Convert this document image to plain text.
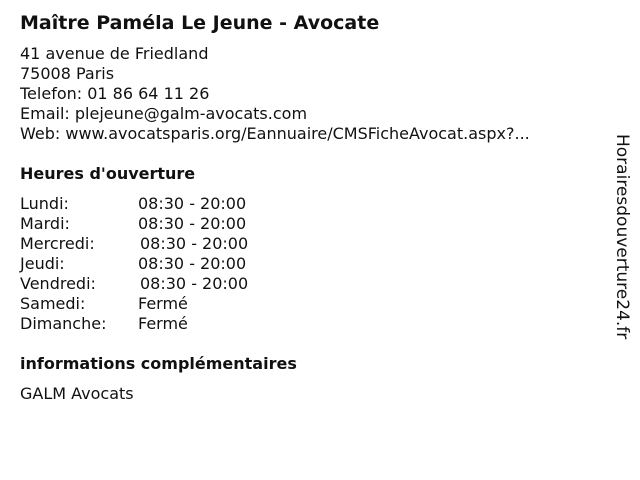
Maître Paméla Le Jeune - Avocate
41 avenue de Friedland
75008 Paris
Telefon: 01 86 64 11 26
Email: plejeune@galm-avocats.com
Web: www.avocatsparis.org/Eannuaire/CMSFicheAvocat.aspx?...
Heures d'ouverture
Lundi:	08:30 - 20:00
Mardi:	08:30 - 20:00
Mercredi:	08:30 - 20:00
Jeudi:	08:30 - 20:00
Vendredi:	08:30 - 20:00
Samedi:	Fermé
Dimanche: Fermé
informations complémentaires
GALM Avocats
Horairesdouverture24.fr
